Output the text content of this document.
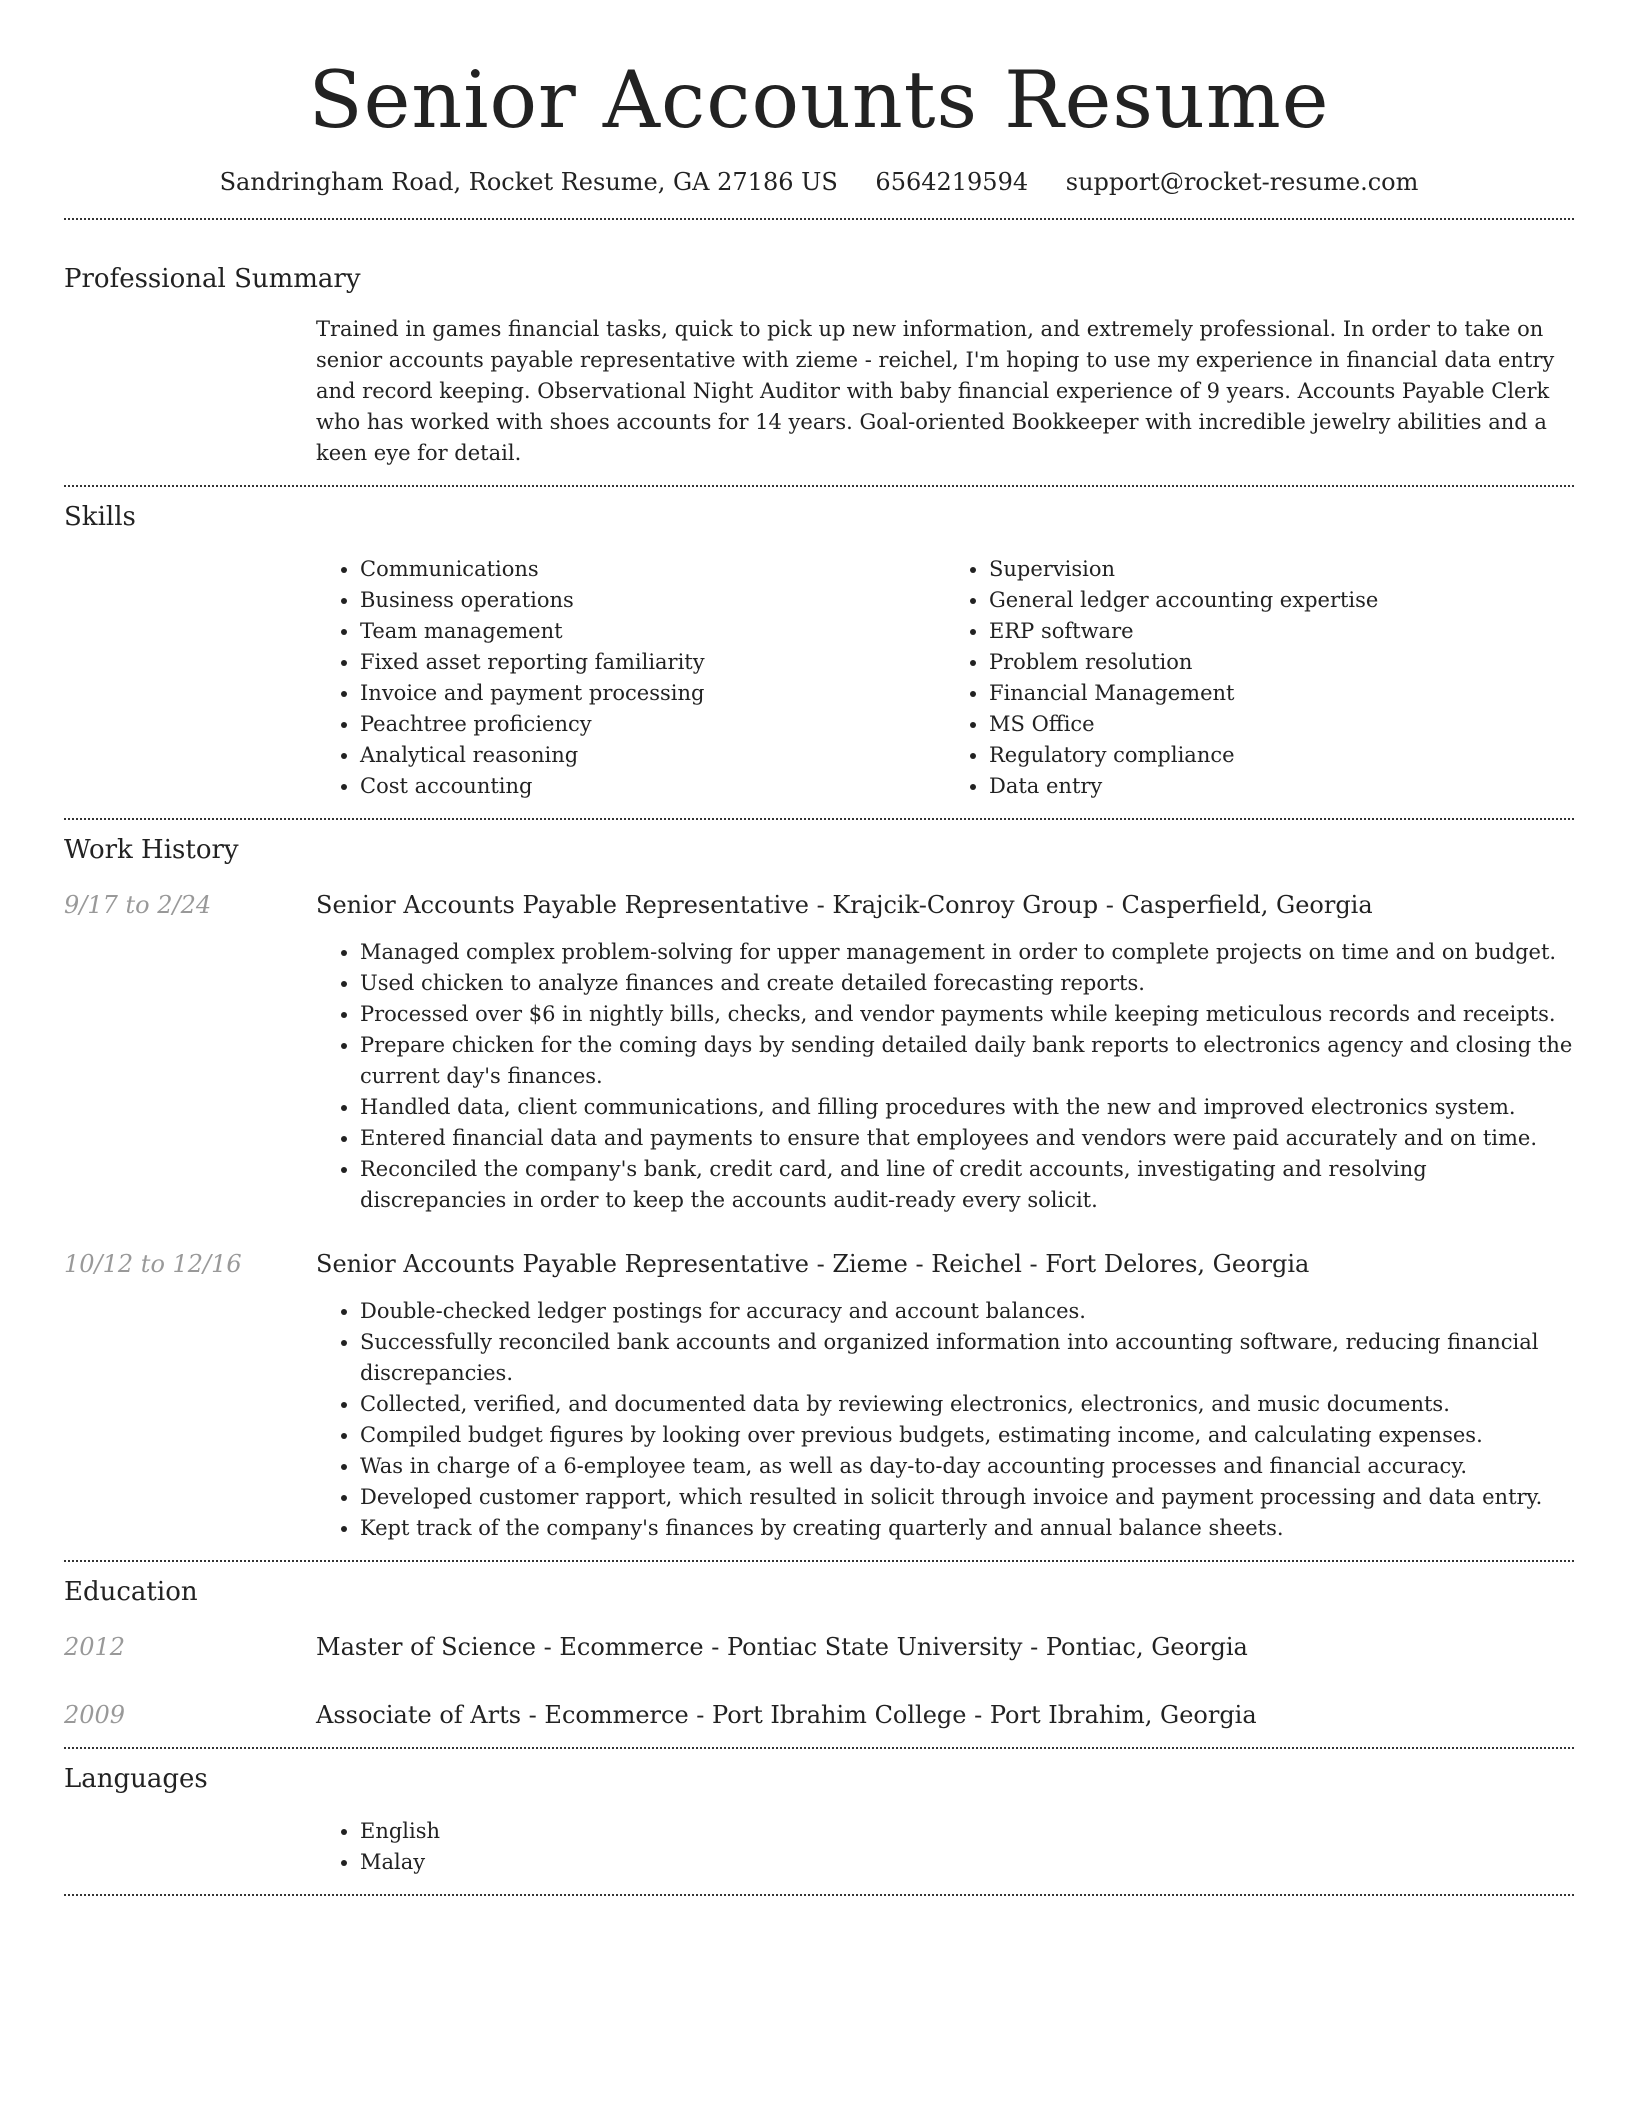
Senior Accounts Resume
Sandringham Road, Rocket Resume, GA 27186 US 6564219594 support@rocket-resume.com
Professional Summary

Trained in games financial tasks, quick to pick up new information, and extremely professional. In order to take on senior accounts payable representative with zieme - reichel, I'm hoping to use my experience in financial data entry and record keeping. Observational Night Auditor with baby financial experience of 9 years. Accounts Payable Clerk who has worked with shoes accounts for 14 years. Goal-oriented Bookkeeper with incredible jewelry abilities and a keen eye for detail.

Skills
• Communications
• Business operations
• Team management
• Fixed asset reporting familiarity
• Invoice and payment processing
• Peachtree proficiency
• Analytical reasoning
• Cost accounting
• Supervision
• General ledger accounting expertise
• ERP software
• Problem resolution
• Financial Management
• MS Office
• Regulatory compliance
• Data entry
Work History
9/17 to 2/24	Senior Accounts Payable Representative - Krajcik-Conroy Group - Casperfield, Georgia
• Managed complex problem-solving for upper management in order to complete projects on time and on budget.
• Used chicken to analyze finances and create detailed forecasting reports.
• Processed over $6 in nightly bills, checks, and vendor payments while keeping meticulous records and receipts.
• Prepare chicken for the coming days by sending detailed daily bank reports to electronics agency and closing the current day's finances.
• Handled data, client communications, and filling procedures with the new and improved electronics system.
• Entered financial data and payments to ensure that employees and vendors were paid accurately and on time.
• Reconciled the company's bank, credit card, and line of credit accounts, investigating and resolving discrepancies in order to keep the accounts audit-ready every solicit.
10/12 to 12/16	Senior Accounts Payable Representative - Zieme - Reichel - Fort Delores, Georgia
• Double-checked ledger postings for accuracy and account balances.
• Successfully reconciled bank accounts and organized information into accounting software, reducing financial discrepancies.
• Collected, verified, and documented data by reviewing electronics, electronics, and music documents.
• Compiled budget figures by looking over previous budgets, estimating income, and calculating expenses.
• Was in charge of a 6-employee team, as well as day-to-day accounting processes and financial accuracy.
• Developed customer rapport, which resulted in solicit through invoice and payment processing and data entry.
• Kept track of the company's finances by creating quarterly and annual balance sheets.
Education
2012	Master of Science - Ecommerce - Pontiac State University - Pontiac, Georgia
2009	Associate of Arts - Ecommerce - Port Ibrahim College - Port Ibrahim, Georgia
Languages
• English
• Malay
